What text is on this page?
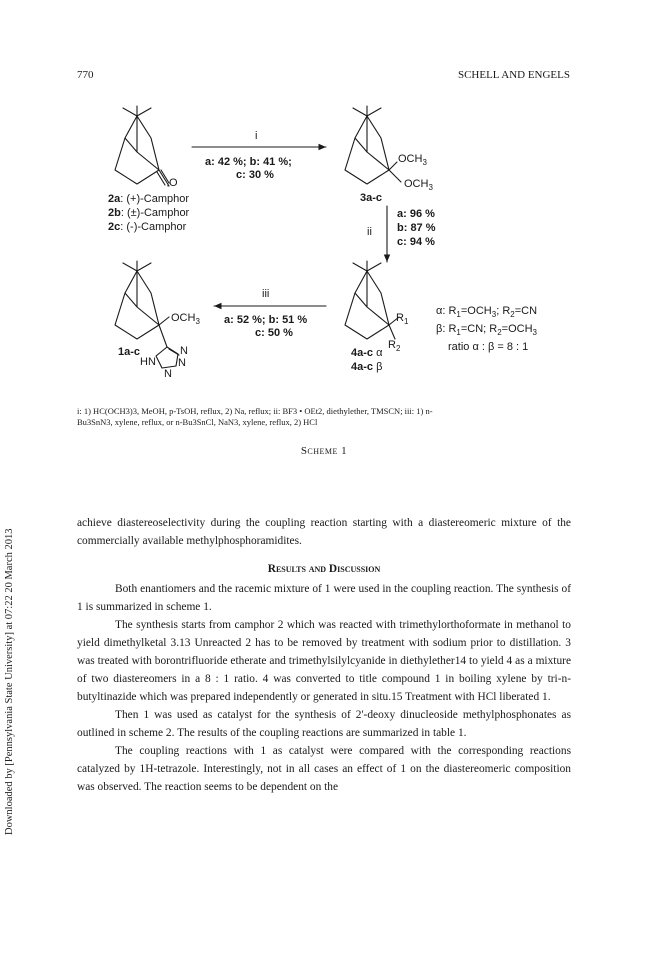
770	SCHELL AND ENGELS
Downloaded by [Pennsylvania State University] at 07:22 20 March 2013
i
a: 42 %; b: 41 %;
c: 30 %
O
2a: (+)-Camphor
2b: (±)-Camphor
2c: (-)-Camphor
$OCH_3$
$OCH_3$
3a-c
ii
a: 96 %
b: 87 %
c: 94 %
$R_1$
$R_2$
4a-c α
4a-c β
α: $R_1=OCH_3$; $R_2=CN$
β: $R_1=CN$; $R_2=OCH_3$
ratio α : β = 8 : 1
iii
a: 52 %; b: 51 %
c: 50 %
$OCH_3$
1a-c	N
HN N
N
i: 1) HC(OCH3)3, MeOH, p-TsOH, reflux, 2) Na, reflux; ii: BF3 • OEt2, diethylether, TMSCN; iii: 1) n-
Bu3SnN3, xylene, reflux, or n-Bu3SnCl, NaN3, xylene, reflux, 2) HCl
Scheme 1

achieve diastereoselectivity during the coupling reaction starting with a diastereomeric mixture of the commercially available methylphosphoramidites.

Results and Discussion

Both enantiomers and the racemic mixture of 1 were used in the coupling reaction. The synthesis of 1 is summarized in scheme 1.

The synthesis starts from camphor 2 which was reacted with trimethylorthoformate in methanol to yield dimethylketal 3.13 Unreacted 2 has to be removed by treatment with sodium prior to distillation. 3 was treated with borontrifluoride etherate and trimethylsilylcyanide in diethylether14 to yield 4 as a mixture of two diastereomers in a 8 : 1 ratio. 4 was converted to title compound 1 in boiling xylene by tri-n-butyltinazide which was prepared independently or generated in situ.15 Treatment with HCl liberated 1.

Then 1 was used as catalyst for the synthesis of 2'-deoxy dinucleoside methylphosphonates as outlined in scheme 2. The results of the coupling reactions are summarized in table 1.

The coupling reactions with 1 as catalyst were compared with the corresponding reactions catalyzed by 1H-tetrazole. Interestingly, not in all cases an effect of 1 on the diastereomeric composition was observed. The reaction seems to be dependent on the
